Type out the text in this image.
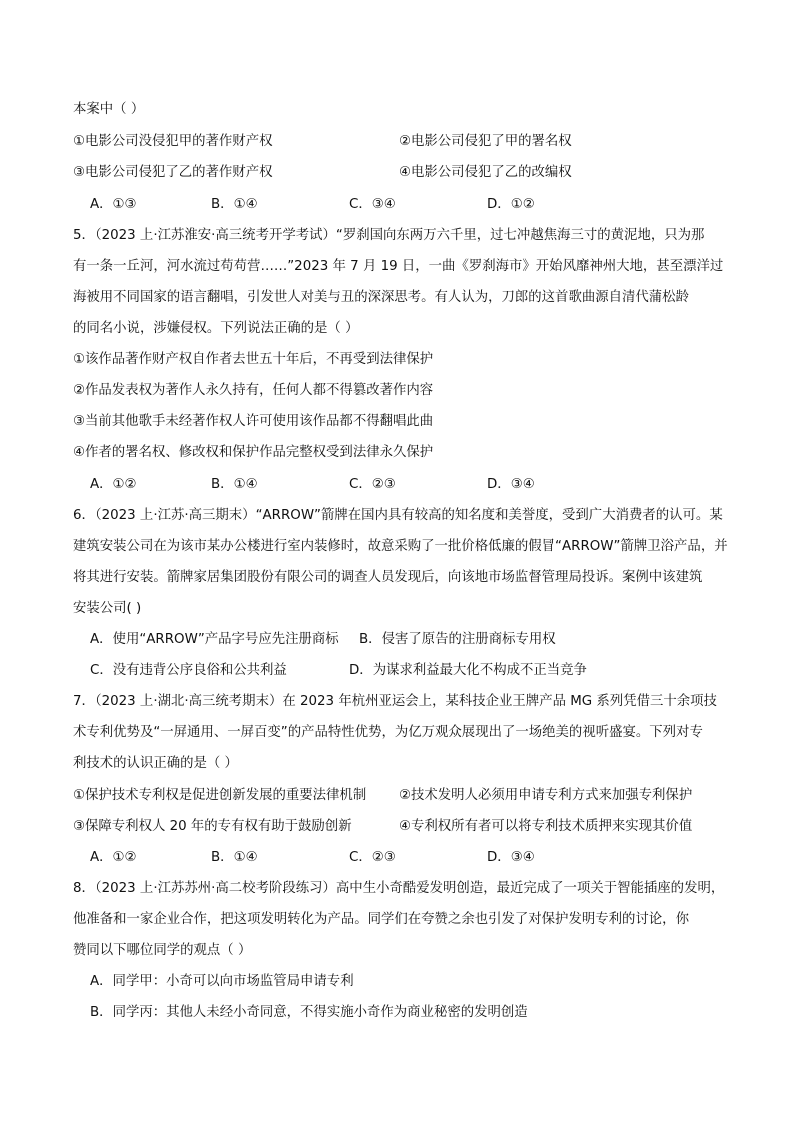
本案中（ ）
①电影公司没侵犯甲的著作财产权	②电影公司侵犯了甲的署名权
③电影公司侵犯了乙的著作财产权	④电影公司侵犯了乙的改编权
A．①③	B．①④	C．③④	D．①②
5．（2023 上·江苏淮安·高三统考开学考试）“罗刹国向东两万六千里，过七冲越焦海三寸的黄泥地，只为那
有一条一丘河，河水流过苟苟营……”2023 年 7 月 19 日，一曲《罗刹海市》开始风靡神州大地，甚至漂洋过
海被用不同国家的语言翻唱，引发世人对美与丑的深深思考。有人认为，刀郎的这首歌曲源自清代蒲松龄
的同名小说，涉嫌侵权。下列说法正确的是（ ）
①该作品著作财产权自作者去世五十年后，不再受到法律保护
②作品发表权为著作人永久持有，任何人都不得篡改著作内容
③当前其他歌手未经著作权人许可使用该作品都不得翻唱此曲
④作者的署名权、修改权和保护作品完整权受到法律永久保护
A．①②	B．①④	C．②③	D．③④
6．（2023 上·江苏·高三期末）“ARROW”箭牌在国内具有较高的知名度和美誉度，受到广大消费者的认可。某
建筑安装公司在为该市某办公楼进行室内装修时，故意采购了一批价格低廉的假冒“ARROW”箭牌卫浴产品，并
将其进行安装。箭牌家居集团股份有限公司的调查人员发现后，向该地市场监督管理局投诉。案例中该建筑
安装公司( )
A．使用“ARROW”产品字号应先注册商标 B．侵害了原告的注册商标专用权
C．没有违背公序良俗和公共利益	D．为谋求利益最大化不构成不正当竞争
7．（2023 上·湖北·高三统考期末）在 2023 年杭州亚运会上，某科技企业王牌产品 MG 系列凭借三十余项技
术专利优势及“一屏通用、一屏百变”的产品特性优势，为亿万观众展现出了一场绝美的视听盛宴。下列对专
利技术的认识正确的是（ ）
①保护技术专利权是促进创新发展的重要法律机制 ②技术发明人必须用申请专利方式来加强专利保护
③保障专利权人 20 年的专有权有助于鼓励创新	④专利权所有者可以将专利技术质押来实现其价值
A．①②	B．①④	C．②③	D．③④
8．（2023 上·江苏苏州·高二校考阶段练习）高中生小奇酷爱发明创造，最近完成了一项关于智能插座的发明，
他准备和一家企业合作，把这项发明转化为产品。同学们在夸赞之余也引发了对保护发明专利的讨论，你
赞同以下哪位同学的观点（ ）
A．同学甲：小奇可以向市场监管局申请专利
B．同学丙：其他人未经小奇同意，不得实施小奇作为商业秘密的发明创造
